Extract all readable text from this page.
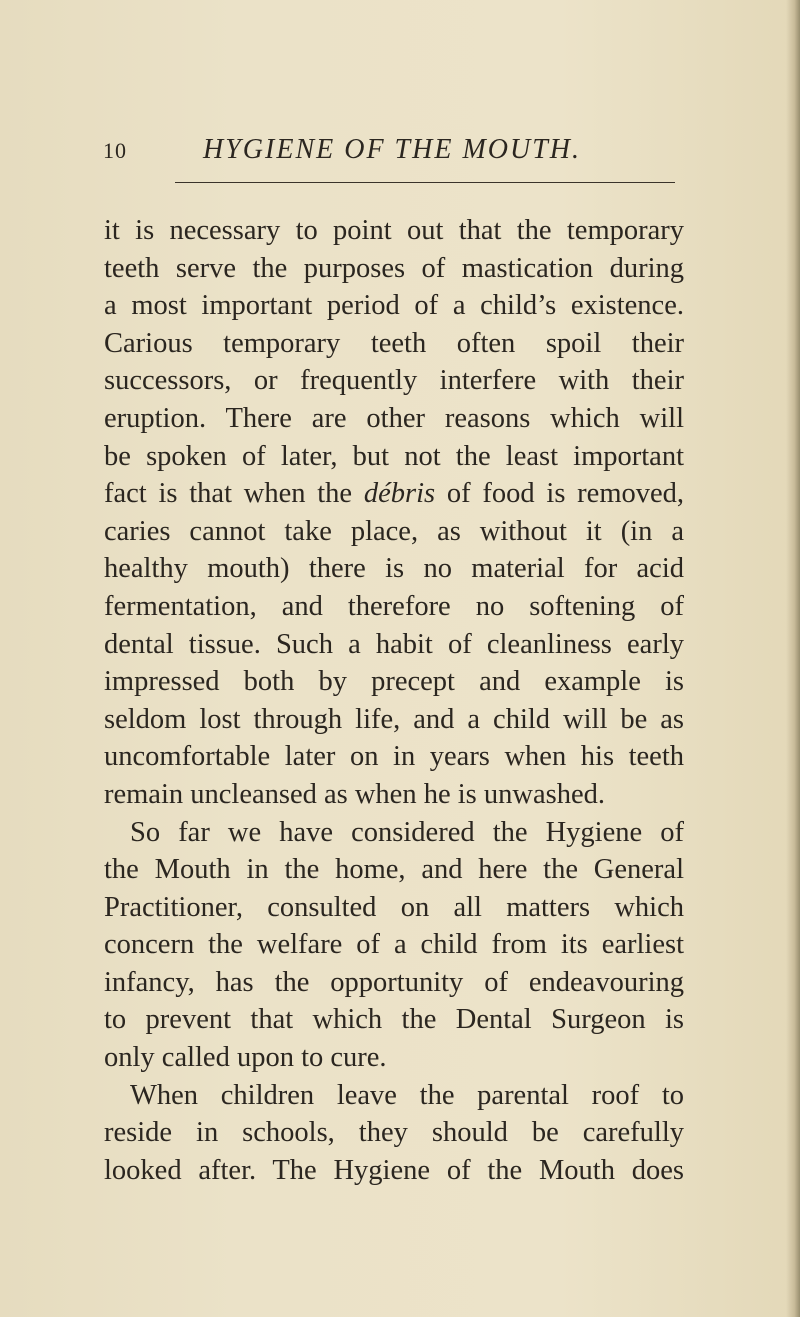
10	HYGIENE OF THE MOUTH.
it is necessary to point out that the temporary
teeth serve the purposes of mastication during
a most important period of a child’s existence.
Carious temporary teeth often spoil their
successors, or frequently interfere with their
eruption. There are other reasons which will
be spoken of later, but not the least important
fact is that when the débris of food is removed,
caries cannot take place, as without it (in a
healthy mouth) there is no material for acid
fermentation, and therefore no softening of
dental tissue. Such a habit of cleanliness early
impressed both by precept and example is
seldom lost through life, and a child will be as
uncomfortable later on in years when his teeth
remain uncleansed as when he is unwashed.
So far we have considered the Hygiene of
the Mouth in the home, and here the General
Practitioner, consulted on all matters which
concern the welfare of a child from its earliest
infancy, has the opportunity of endeavouring
to prevent that which the Dental Surgeon is
only called upon to cure.
When children leave the parental roof to
reside in schools, they should be carefully
looked after. The Hygiene of the Mouth does
